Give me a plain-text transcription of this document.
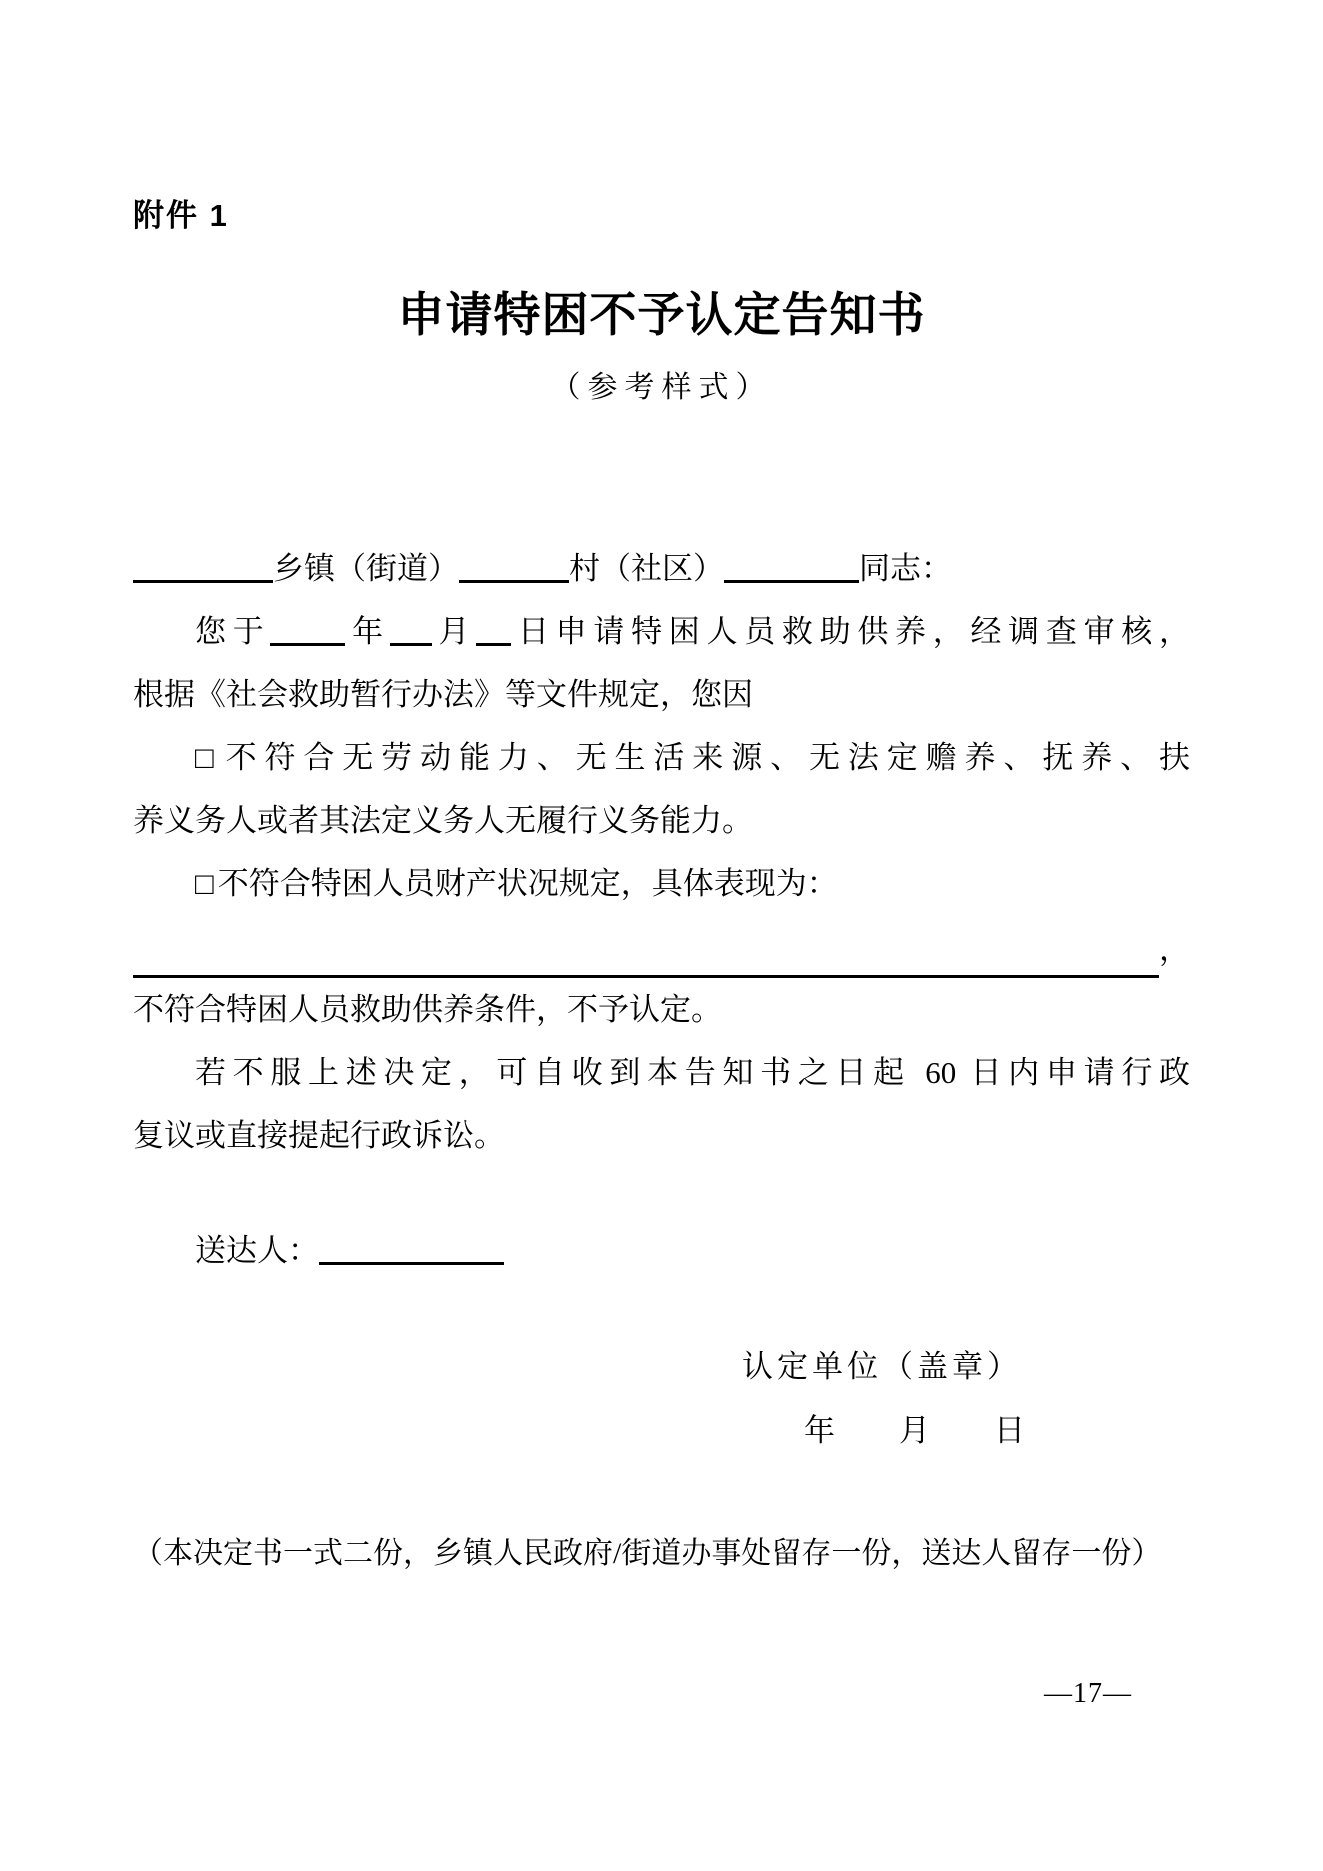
附件 1
申请特困不予认定告知书
（参考样式）
乡镇（街道）	村（社区）	同志：
您于 年 月 日申请特困人员救助供养，经调查审核，
根据《社会救助暂行办法》等文件规定，您因
□ 不符合无劳动能力、无生活来源、无法定赡养、抚养、扶
养义务人或者其法定义务人无履行义务能力。
□ 不符合特困人员财产状况规定，具体表现为：
，
不符合特困人员救助供养条件，不予认定。
若不服上述决定，可自收到本告知书之日起 60 日内申请行政
复议或直接提起行政诉讼。
送达人：
认定单位（盖章）
年 月 日
（本决定书一式二份，乡镇人民政府/街道办事处留存一份，送达人留存一份）
—17—
